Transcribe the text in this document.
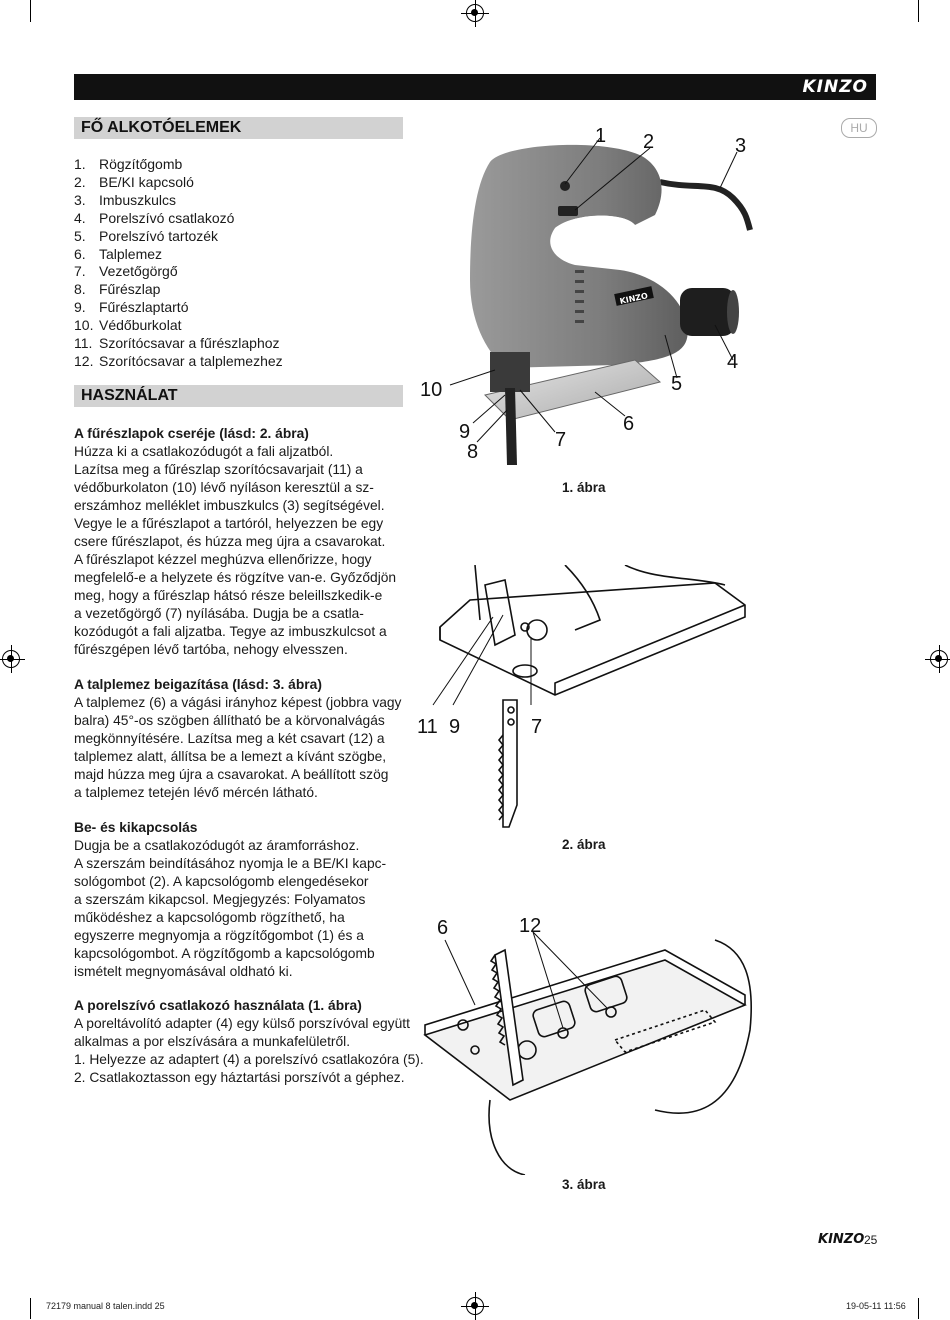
KINZO
FŐ ALKOTÓELEMEK	HU
1. Rögzítőgomb
2. BE/KI kapcsoló
3. Imbuszkulcs
4. Porelszívó csatlakozó
5. Porelszívó tartozék
6. Talplemez
7. Vezetőgörgő
8. Fűrészlap
9. Fűrészlaptartó
10. Védőburkolat
11. Szorítócsavar a fűrészlaphoz
12. Szorítócsavar a talplemezhez
HASZNÁLAT
A fűrészlapok cseréje (lásd: 2. ábra)
Húzza ki a csatlakozódugót a fali aljzatból.
Lazítsa meg a fűrészlap szorítócsavarjait (11) a
védőburkolaton (10) lévő nyíláson keresztül a sz-
erszámhoz melléklet imbuszkulcs (3) segítségével.
Vegye le a fűrészlapot a tartóról, helyezzen be egy
csere fűrészlapot, és húzza meg újra a csavarokat.
A fűrészlapot kézzel meghúzva ellenőrizze, hogy
megfelelő-e a helyzete és rögzítve van-e. Győződjön
meg, hogy a fűrészlap hátsó része beleillszkedik-e
a vezetőgörgő (7) nyílásába. Dugja be a csatla-
kozódugót a fali aljzatba. Tegye az imbuszkulcsot a
fűrészgépen lévő tartóba, nehogy elvesszen.
A talplemez beigazítása (lásd: 3. ábra)
A talplemez (6) a vágási irányhoz képest (jobbra vagy
balra) 45°-os szögben állítható be a körvonalvágás
megkönnyítésére. Lazítsa meg a két csavart (12) a
talplemez alatt, állítsa be a lemezt a kívánt szögbe,
majd húzza meg újra a csavarokat. A beállított szög
a talplemez tetején lévő mércén látható.
Be- és kikapcsolás
Dugja be a csatlakozódugót az áramforráshoz.
A szerszám beindításához nyomja le a BE/KI kapc-
sológombot (2). A kapcsológomb elengedésekor
a szerszám kikapcsol. Megjegyzés: Folyamatos
működéshez a kapcsológomb rögzíthető, ha
egyszerre megnyomja a rögzítőgombot (1) és a
kapcsológombot. A rögzítőgomb a kapcsológomb
ismételt megnyomásával oldható ki.
A porelszívó csatlakozó használata (1. ábra)
A poreltávolító adapter (4) egy külső porszívóval együtt
alkalmas a por elszívására a munkafelületről.
1. Helyezze az adaptert (4) a porelszívó csatlakozóra (5).
2. Csatlakoztasson egy háztartási porszívót a géphez.
KINZO
1 2	3
4
5
6
7
8
9
10
1. ábra
11 9	7
2. ábra
6	12
3. ábra
KINZO 25
72179 manual 8 talen.indd 25	19-05-11 11:56
